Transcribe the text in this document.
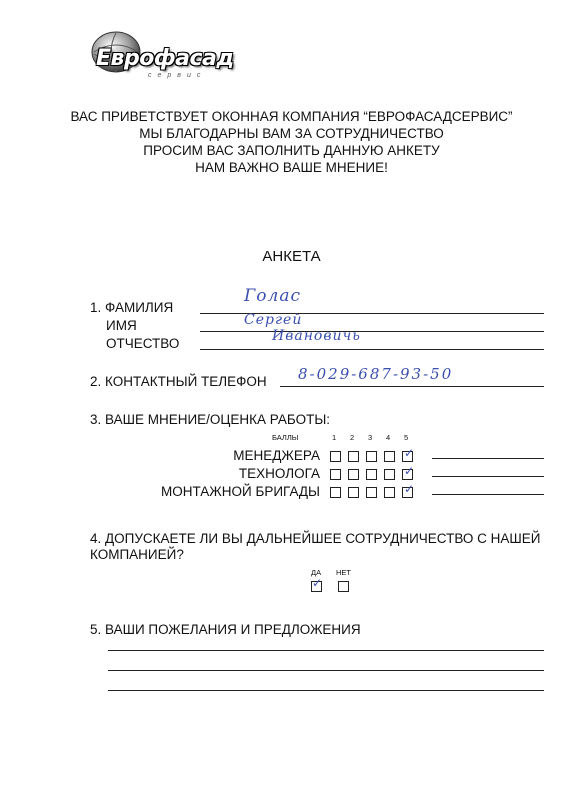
Еврофасад
сервис
ВАС ПРИВЕТСТВУЕТ ОКОННАЯ КОМПАНИЯ “ЕВРОФАСАДСЕРВИС”
МЫ БЛАГОДАРНЫ ВАМ ЗА СОТРУДНИЧЕСТВО
ПРОСИМ ВАС ЗАПОЛНИТЬ ДАННУЮ АНКЕТУ
НАМ ВАЖНО ВАШЕ МНЕНИЕ!
АНКЕТА
1. ФАМИЛИЯ
ИМЯ
ОТЧЕСТВО
Голас
Сергей
Ивановичь
2. КОНТАКТНЫЙ ТЕЛЕФОН 8-029-687-93-50
3. ВАШЕ МНЕНИЕ/ОЦЕНКА РАБОТЫ:
БАЛЛЫ	1 2 3 4 5
МЕНЕДЖЕРА
ТЕХНОЛОГА
МОНТАЖНОЙ БРИГАДЫ
✓
✓
✓
4. ДОПУСКАЕТЕ ЛИ ВЫ ДАЛЬНЕЙШЕЕ СОТРУДНИЧЕСТВО С НАШЕЙ
КОМПАНИЕЙ?
ДА НЕТ
✓
5. ВАШИ ПОЖЕЛАНИЯ И ПРЕДЛОЖЕНИЯ
